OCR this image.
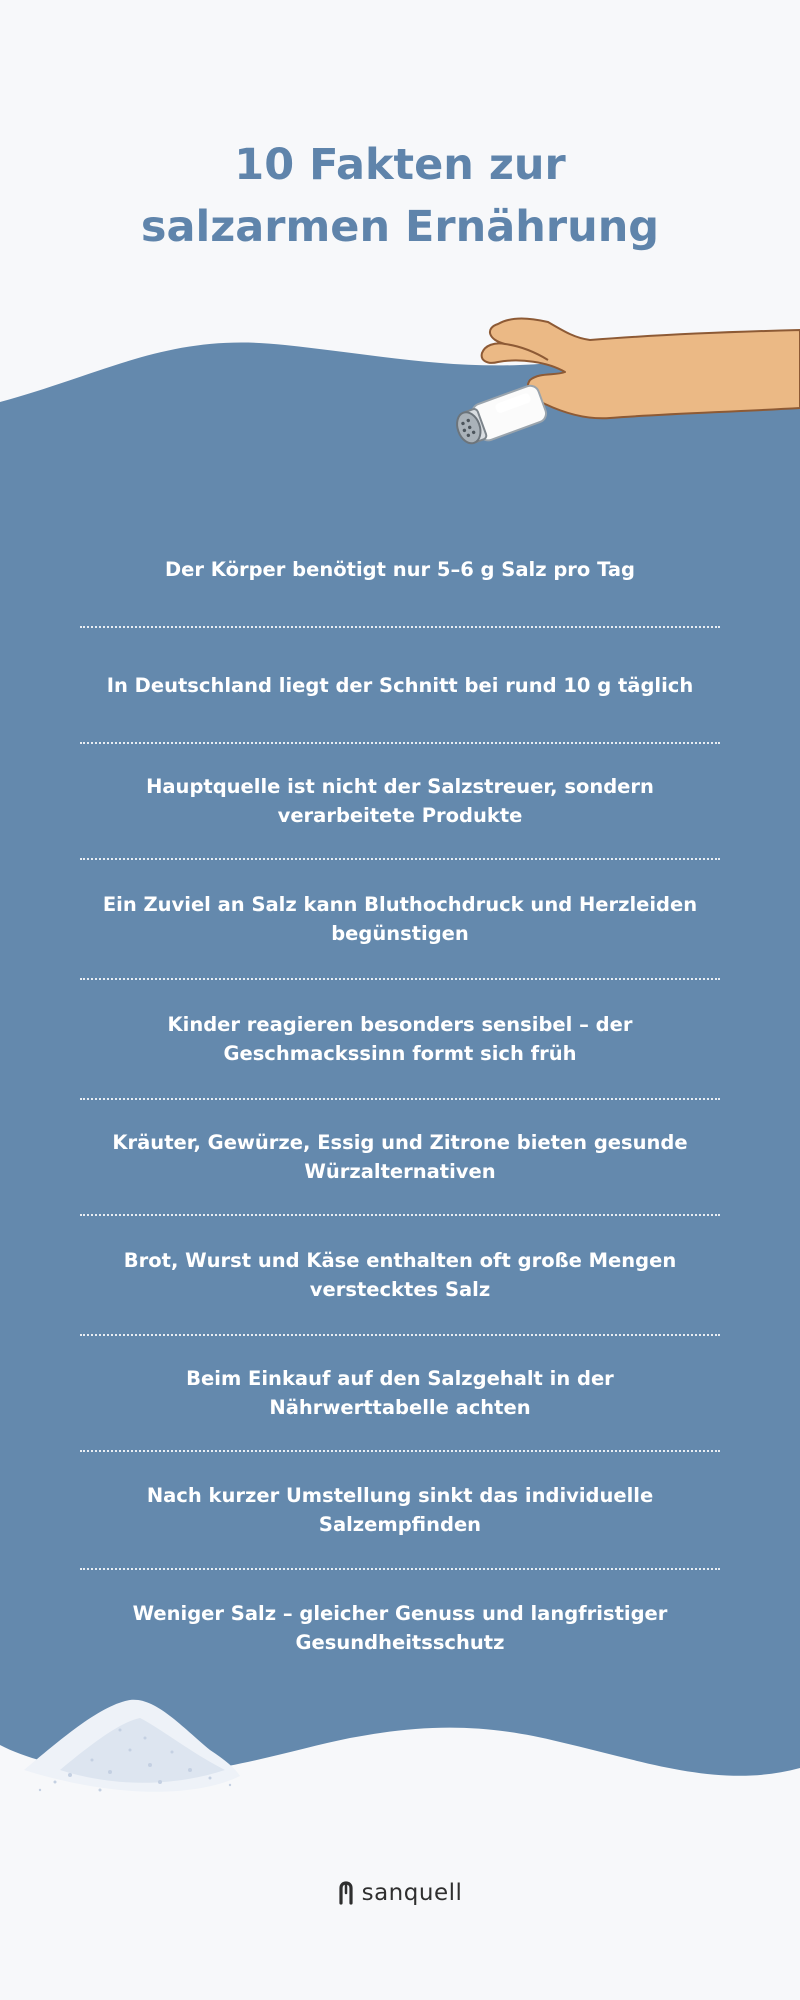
10 Fakten zur
salzarmen Ernährung
Der Körper benötigt nur 5–6 g Salz pro Tag
In Deutschland liegt der Schnitt bei rund 10 g täglich
Hauptquelle ist nicht der Salzstreuer, sondern verarbeitete Produkte
Ein Zuviel an Salz kann Bluthochdruck und Herzleiden begünstigen
Kinder reagieren besonders sensibel – der Geschmackssinn formt sich früh
Kräuter, Gewürze, Essig und Zitrone bieten gesunde Würzalternativen
Brot, Wurst und Käse enthalten oft große Mengen verstecktes Salz
Beim Einkauf auf den Salzgehalt in der Nährwerttabelle achten
Nach kurzer Umstellung sinkt das individuelle Salzempfinden
Weniger Salz – gleicher Genuss und langfristiger Gesundheitsschutz
sanquell
